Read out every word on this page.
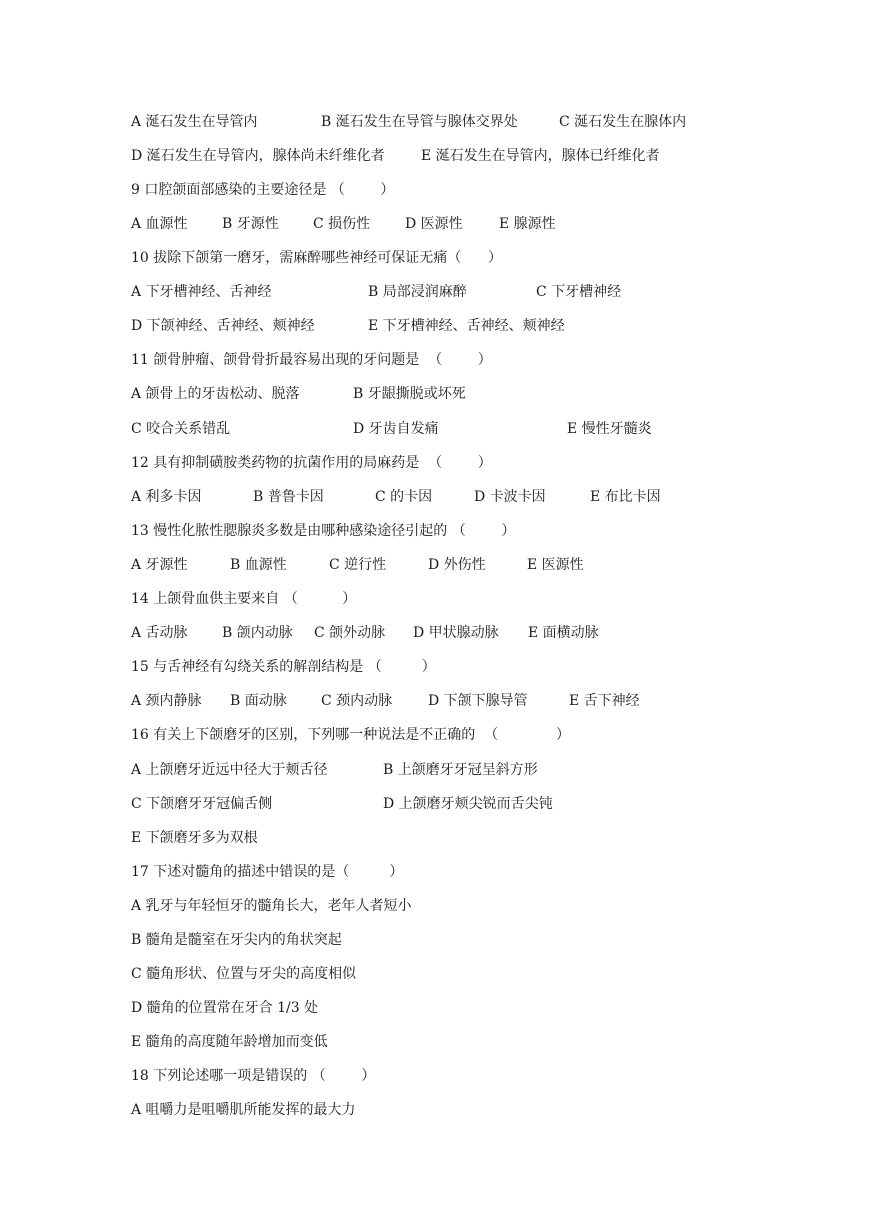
A 涎石发生在导管内	B 涎石发生在导管与腺体交界处	C 涎石发生在腺体内
D 涎石发生在导管内，腺体尚未纤维化者	E 涎石发生在导管内，腺体已纤维化者
9 口腔颌面部感染的主要途径是 （        ）
A 血源性 B 牙源性 C 损伤性 D 医源性	E 腺源性
10 拔除下颌第一磨牙，需麻醉哪些神经可保证无痛（      ）
A 下牙槽神经、舌神经	B 局部浸润麻醉	C 下牙槽神经
D 下颌神经、舌神经、颊神经	E 下牙槽神经、舌神经、颊神经
11 颌骨肿瘤、颌骨骨折最容易出现的牙问题是  （        ）
A 颌骨上的牙齿松动、脱落	B 牙龈撕脱或坏死
C 咬合关系错乱	D 牙齿自发痛	E 慢性牙髓炎
12 具有抑制磺胺类药物的抗菌作用的局麻药是  （        ）
A 利多卡因	B 普鲁卡因	C 的卡因	D 卡波卡因	E 布比卡因
13 慢性化脓性腮腺炎多数是由哪种感染途径引起的 （        ）
A 牙源性	B 血源性	C 逆行性	D 外伤性	E 医源性
14 上颌骨血供主要来自 （          ）
A 舌动脉 B 颌内动脉 C 颌外动脉 D 甲状腺动脉 E 面横动脉
15 与舌神经有勾绕关系的解剖结构是 （         ）
A 颈内静脉 B 面动脉 C 颈内动脉	D 下颌下腺导管	E 舌下神经
16 有关上下颌磨牙的区别，下列哪一种说法是不正确的  （             ）
A 上颌磨牙近远中径大于颊舌径	B 上颌磨牙牙冠呈斜方形
C 下颌磨牙牙冠偏舌侧	D 上颌磨牙颊尖锐而舌尖钝
E 下颌磨牙多为双根
17 下述对髓角的描述中错误的是（         ）
A 乳牙与年轻恒牙的髓角长大，老年人者短小
B 髓角是髓室在牙尖内的角状突起
C 髓角形状、位置与牙尖的高度相似
D 髓角的位置常在牙合 1/3 处
E 髓角的高度随年龄增加而变低
18 下列论述哪一项是错误的 （        ）
A 咀嚼力是咀嚼肌所能发挥的最大力
